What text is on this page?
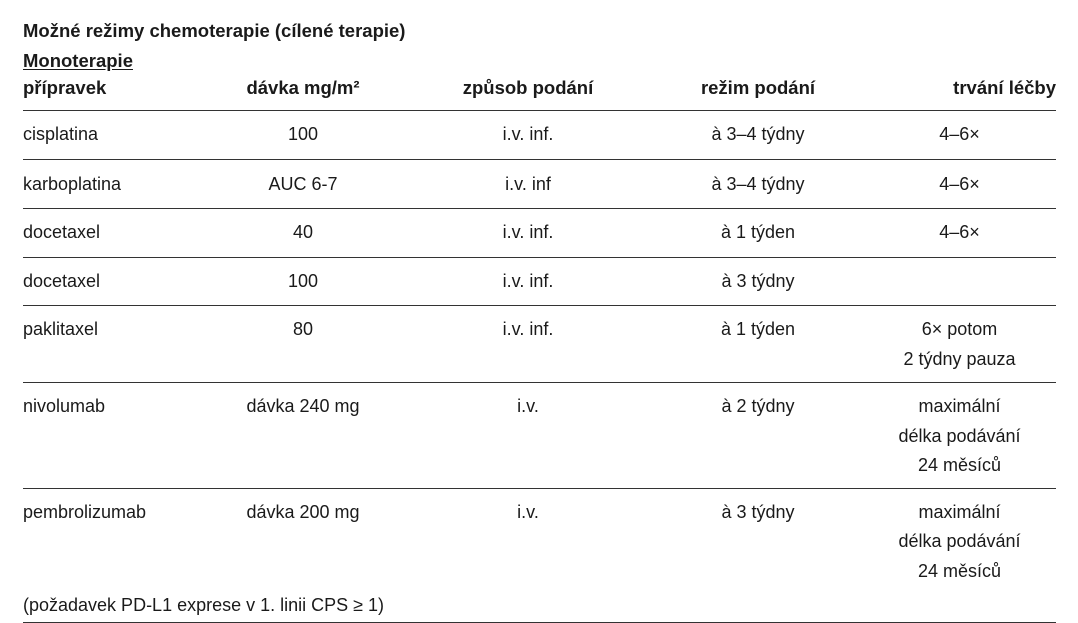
Možné režimy chemoterapie (cílené terapie)
Monoterapie
přípravek	dávka mg/m²	způsob podání	režim podání	trvání léčby
cisplatina	100	i.v. inf.	à 3–4 týdny	4–6×

karboplatina	AUC 6-7	i.v. inf	à 3–4 týdny	4–6×

docetaxel	40	i.v. inf.	à 1 týden	4–6×

docetaxel	100	i.v. inf.	à 3 týdny	
paklitaxel	80	i.v. inf.	à 1 týden	6× potom
2 týdny pauza

nivolumab	dávka 240 mg	i.v.	à 2 týdny	maximální
délka podávání
24 měsíců

pembrolizumab	dávka 200 mg	i.v.	à 3 týdny	maximální
délka podávání
24 měsíců

(požadavek PD-L1 exprese v 1. linii CPS ≥ 1)				
